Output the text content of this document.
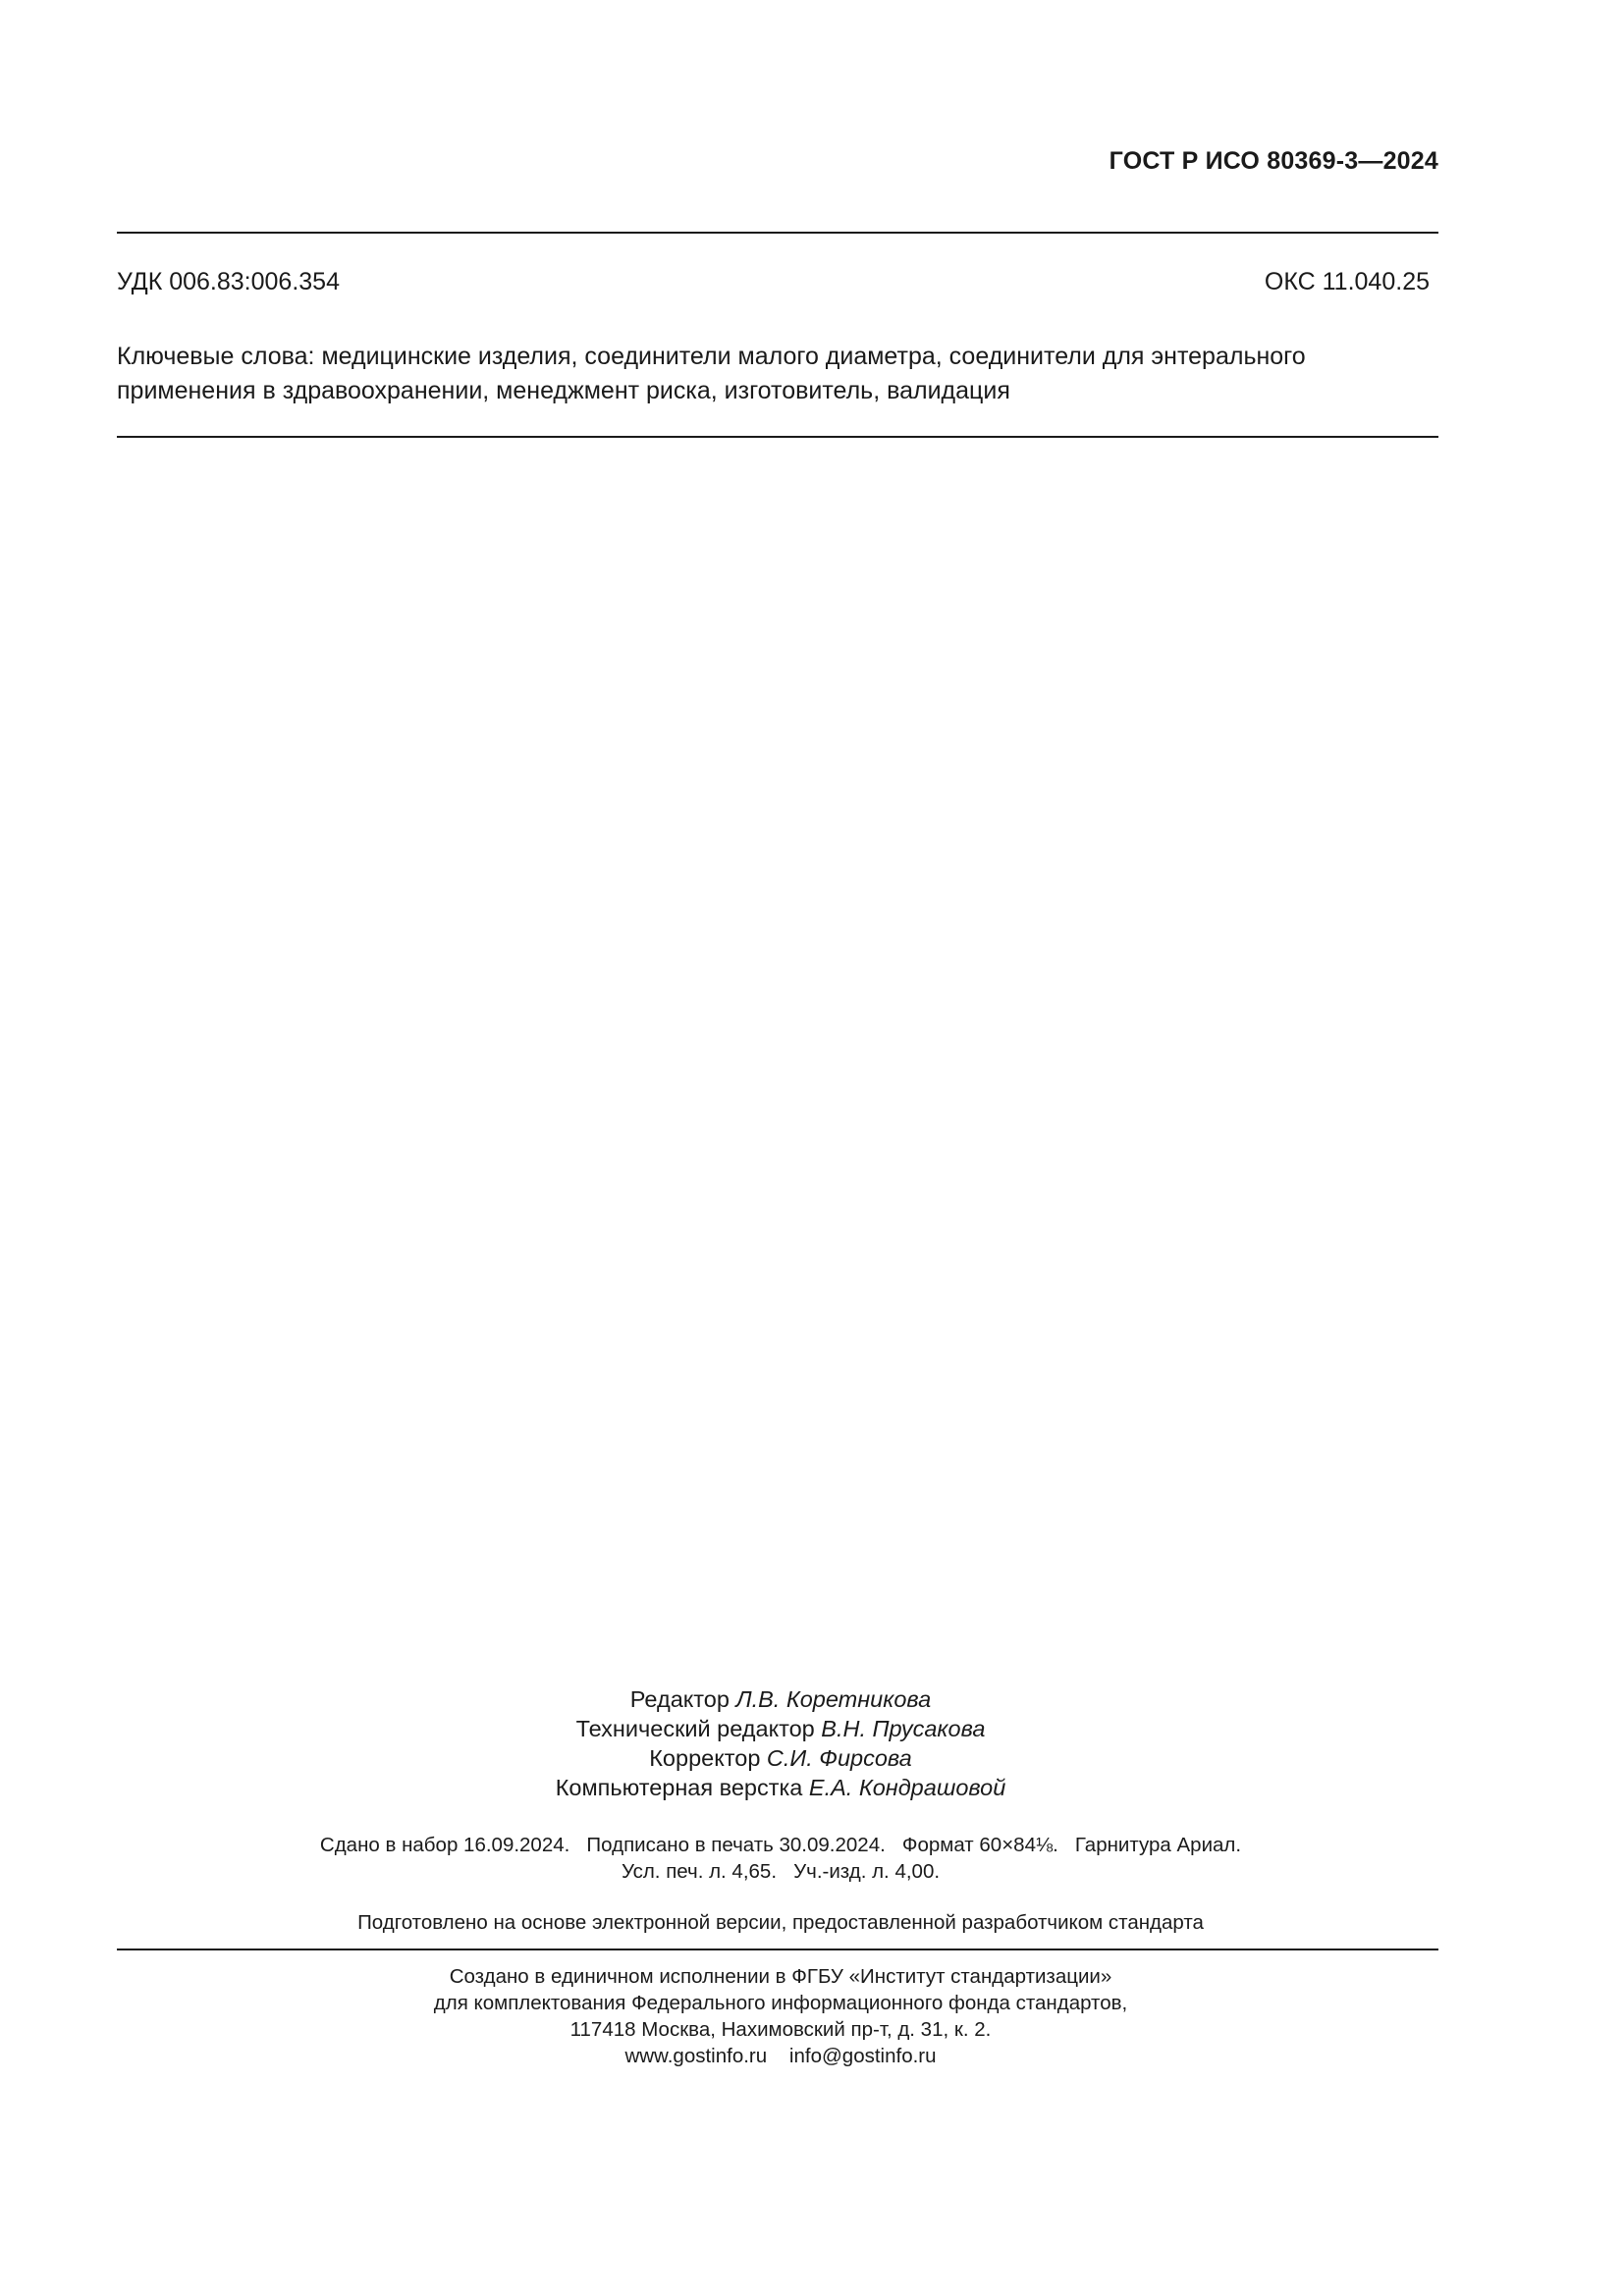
ГОСТ Р ИСО 80369-3—2024
УДК 006.83:006.354	ОКС 11.040.25
Ключевые слова: медицинские изделия, соединители малого диаметра, соединители для энтерального
применения в здравоохранении, менеджмент риска, изготовитель, валидация
Редактор Л.В. Коретникова
Технический редактор В.Н. Прусакова
Корректор С.И. Фирсова
Компьютерная верстка Е.А. Кондрашовой
Сдано в набор 16.09.2024.   Подписано в печать 30.09.2024.   Формат 60×84⅛.   Гарнитура Ариал.
Усл. печ. л. 4,65.   Уч.-изд. л. 4,00.
Подготовлено на основе электронной версии, предоставленной разработчиком стандарта
Создано в единичном исполнении в ФГБУ «Институт стандартизации»
для комплектования Федерального информационного фонда стандартов,
117418 Москва, Нахимовский пр-т, д. 31, к. 2.
www.gostinfo.ru    info@gostinfo.ru
